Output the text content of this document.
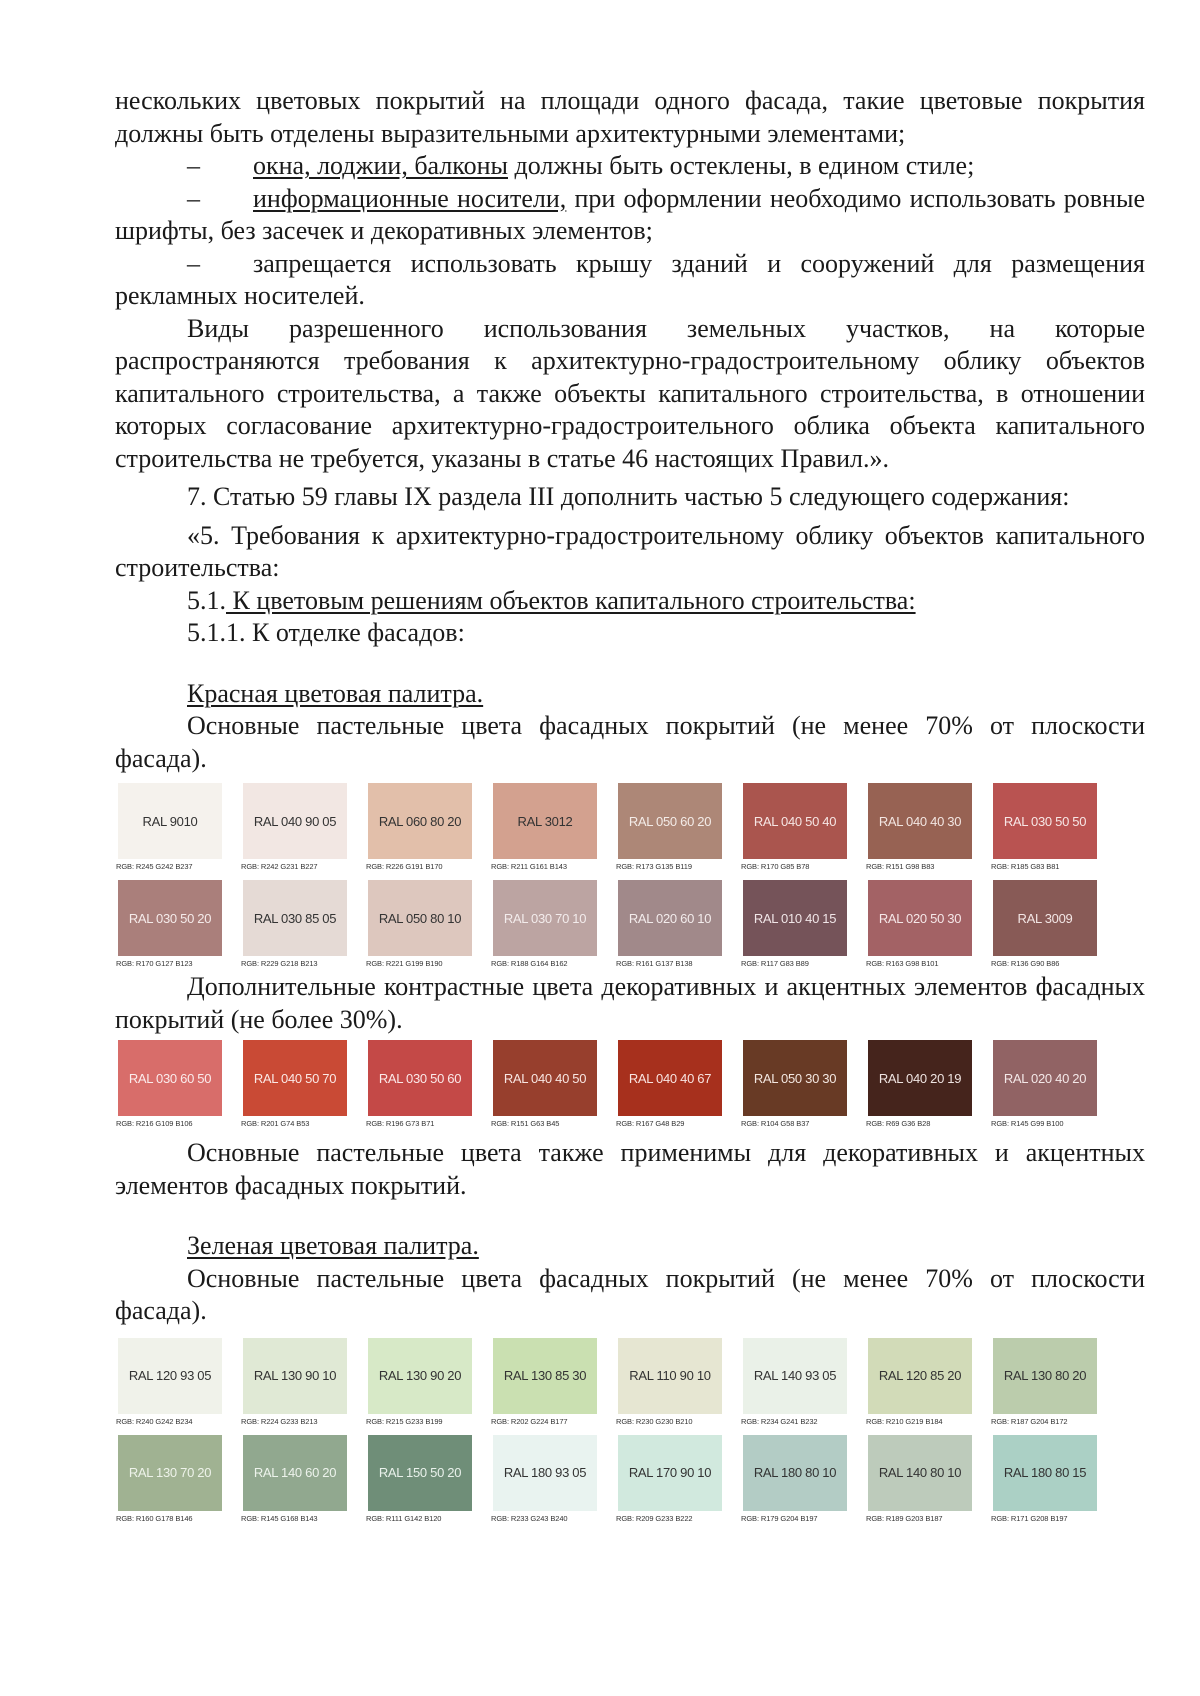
нескольких цветовых покрытий на площади одного фасада, такие цветовые покрытия должны быть отделены выразительными архитектурными элементами;

– окна, лоджии, балконы должны быть остеклены, в едином стиле;

– информационные носители, при оформлении необходимо использовать ровные шрифты, без засечек и декоративных элементов;

– запрещается использовать крышу зданий и сооружений для размещения рекламных носителей.

Виды разрешенного использования земельных участков, на которые распространяются требования к архитектурно-градостроительному облику объектов капитального строительства, а также объекты капитального строительства, в отношении которых согласование архитектурно-градостроительного облика объекта капитального строительства не требуется, указаны в статье 46 настоящих Правил.».

7. Статью 59 главы IX раздела III дополнить частью 5 следующего содержания:

«5. Требования к архитектурно-градостроительному облику объектов капитального строительства:

5.1. К цветовым решениям объектов капитального строительства:

5.1.1. К отделке фасадов:

Красная цветовая палитра.

Основные пастельные цвета фасадных покрытий (не менее 70% от плоскости фасада).

RAL 9010
RGB: R245 G242 B237
RAL 040 90 05
RGB: R242 G231 B227
RAL 060 80 20
RGB: R226 G191 B170
RAL 3012
RGB: R211 G161 B143
RAL 050 60 20
RGB: R173 G135 B119
RAL 040 50 40
RGB: R170 G85 B78
RAL 040 40 30
RGB: R151 G98 B83
RAL 030 50 50
RGB: R185 G83 B81
RAL 030 50 20
RGB: R170 G127 B123
RAL 030 85 05
RGB: R229 G218 B213
RAL 050 80 10
RGB: R221 G199 B190
RAL 030 70 10
RGB: R188 G164 B162
RAL 020 60 10
RGB: R161 G137 B138
RAL 010 40 15
RGB: R117 G83 B89
RAL 020 50 30
RGB: R163 G98 B101
RAL 3009
RGB: R136 G90 B86

Дополнительные контрастные цвета декоративных и акцентных элементов фасадных покрытий (не более 30%).

RAL 030 60 50
RGB: R216 G109 B106
RAL 040 50 70
RGB: R201 G74 B53
RAL 030 50 60
RGB: R196 G73 B71
RAL 040 40 50
RGB: R151 G63 B45
RAL 040 40 67
RGB: R167 G48 B29
RAL 050 30 30
RGB: R104 G58 B37
RAL 040 20 19
RGB: R69 G36 B28
RAL 020 40 20
RGB: R145 G99 B100

Основные пастельные цвета также применимы для декоративных и акцентных элементов фасадных покрытий.

Зеленая цветовая палитра.

Основные пастельные цвета фасадных покрытий (не менее 70% от плоскости фасада).

RAL 120 93 05
RGB: R240 G242 B234
RAL 130 90 10
RGB: R224 G233 B213
RAL 130 90 20
RGB: R215 G233 B199
RAL 130 85 30
RGB: R202 G224 B177
RAL 110 90 10
RGB: R230 G230 B210
RAL 140 93 05
RGB: R234 G241 B232
RAL 120 85 20
RGB: R210 G219 B184
RAL 130 80 20
RGB: R187 G204 B172
RAL 130 70 20
RGB: R160 G178 B146
RAL 140 60 20
RGB: R145 G168 B143
RAL 150 50 20
RGB: R111 G142 B120
RAL 180 93 05
RGB: R233 G243 B240
RAL 170 90 10
RGB: R209 G233 B222
RAL 180 80 10
RGB: R179 G204 B197
RAL 140 80 10
RGB: R189 G203 B187
RAL 180 80 15
RGB: R171 G208 B197
